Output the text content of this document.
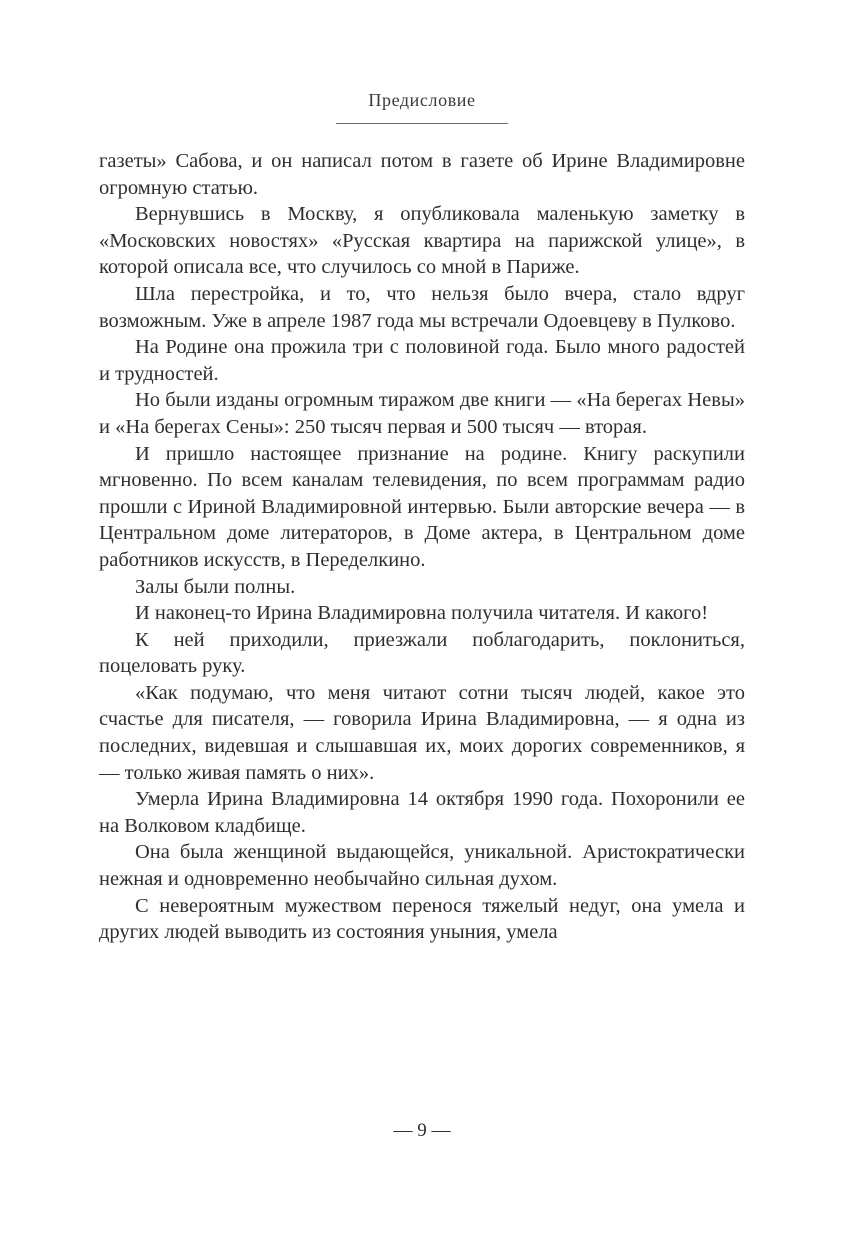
Предисловие

газеты» Сабова, и он написал потом в газете об Ирине Владимировне огромную статью.

Вернувшись в Москву, я опубликовала маленькую заметку в «Московских новостях» «Русская квартира на парижской улице», в которой описала все, что случилось со мной в Париже.

Шла перестройка, и то, что нельзя было вчера, стало вдруг возможным. Уже в апреле 1987 года мы встречали Одоевцеву в Пулково.

На Родине она прожила три с половиной года. Было много радостей и трудностей.

Но были изданы огромным тиражом две книги — «На берегах Невы» и «На берегах Сены»: 250 тысяч первая и 500 тысяч — вторая.

И пришло настоящее признание на родине. Книгу раскупили мгновенно. По всем каналам телевидения, по всем программам радио прошли с Ириной Владимировной интервью. Были авторские вечера — в Центральном доме литераторов, в Доме актера, в Центральном доме работников искусств, в Переделкино.

Залы были полны.

И наконец-то Ирина Владимировна получила читателя. И какого!

К ней приходили, приезжали поблагодарить, поклониться, поцеловать руку.

«Как подумаю, что меня читают сотни тысяч людей, какое это счастье для писателя, — говорила Ирина Владимировна, — я одна из последних, видевшая и слышавшая их, моих дорогих современников, я — только живая память о них».

Умерла Ирина Владимировна 14 октября 1990 года. Похоронили ее на Волковом кладбище.

Она была женщиной выдающейся, уникальной. Аристократически нежная и одновременно необычайно сильная духом.

С невероятным мужеством перенося тяжелый недуг, она умела и других людей выводить из состояния уныния, умела

— 9 —
